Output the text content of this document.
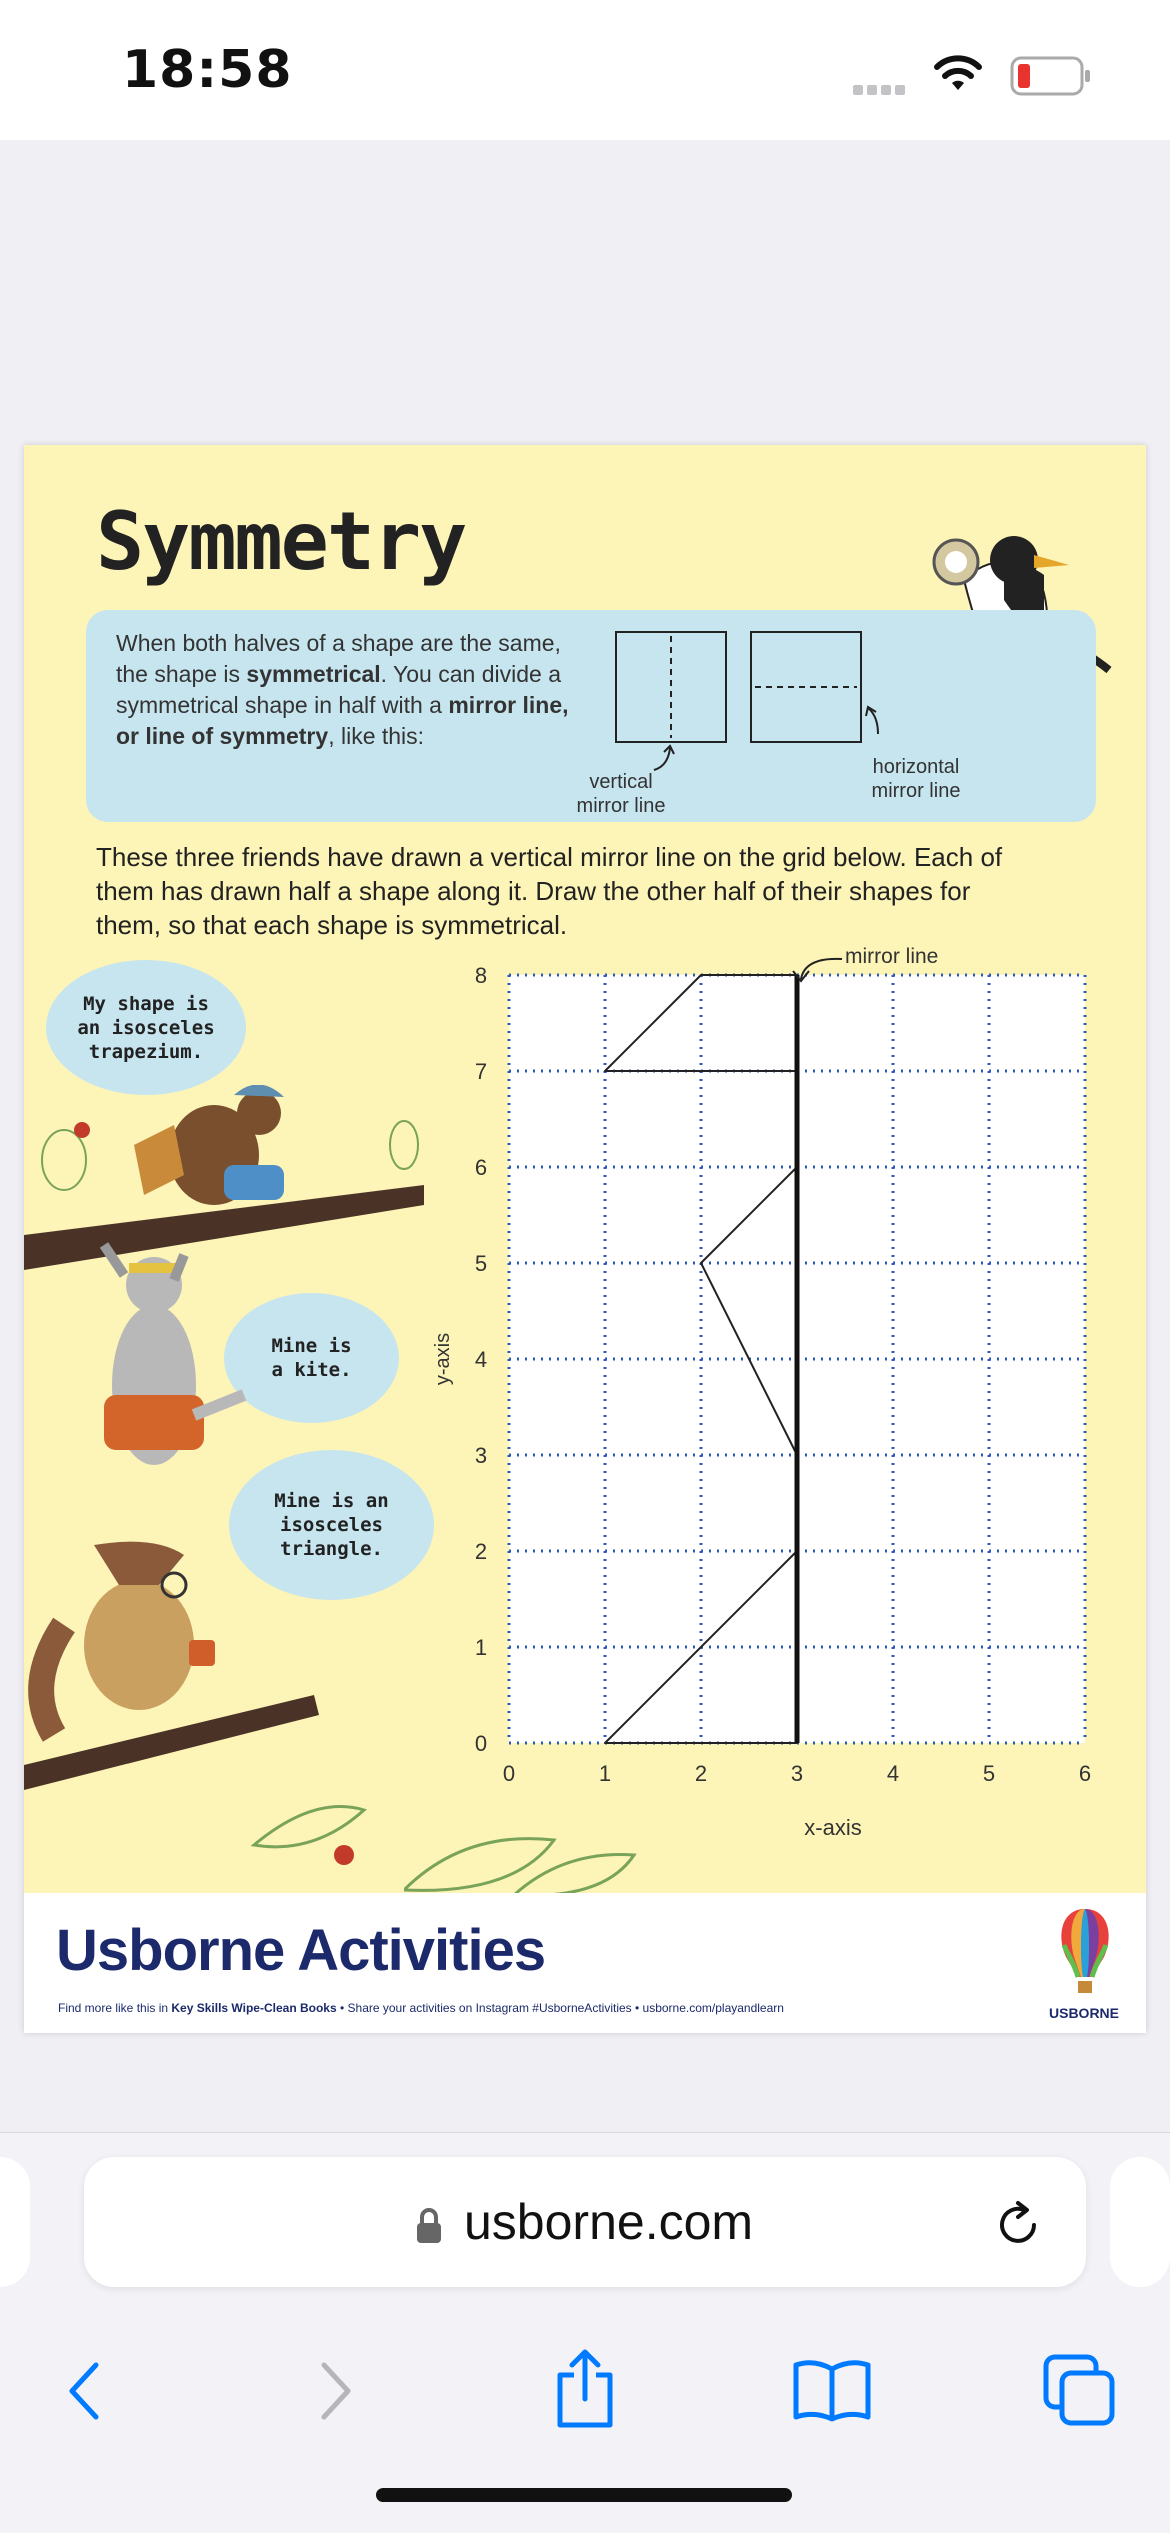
18:58
Symmetry
When both halves of a shape are the same, the shape is symmetrical. You can divide a symmetrical shape in half with a mirror line, or line of symmetry, like this:
vertical
mirror line
horizontal
mirror line
These three friends have drawn a vertical mirror line on the grid below. Each of them has drawn half a shape along it. Draw the other half of their shapes for them, so that each shape is symmetrical.
My shape is
an isosceles
trapezium.
Mine is
a kite.
Mine is an
isosceles
triangle.
0	1	2	3	4	5	6
0
1
2
3
4
5
6
7
8
x-axis
y-axis
mirror line
Usborne Activities
Find more like this in Key Skills Wipe-Clean Books • Share your activities on Instagram #UsborneActivities • usborne.com/playandlearn	USBORNE
usborne.com
